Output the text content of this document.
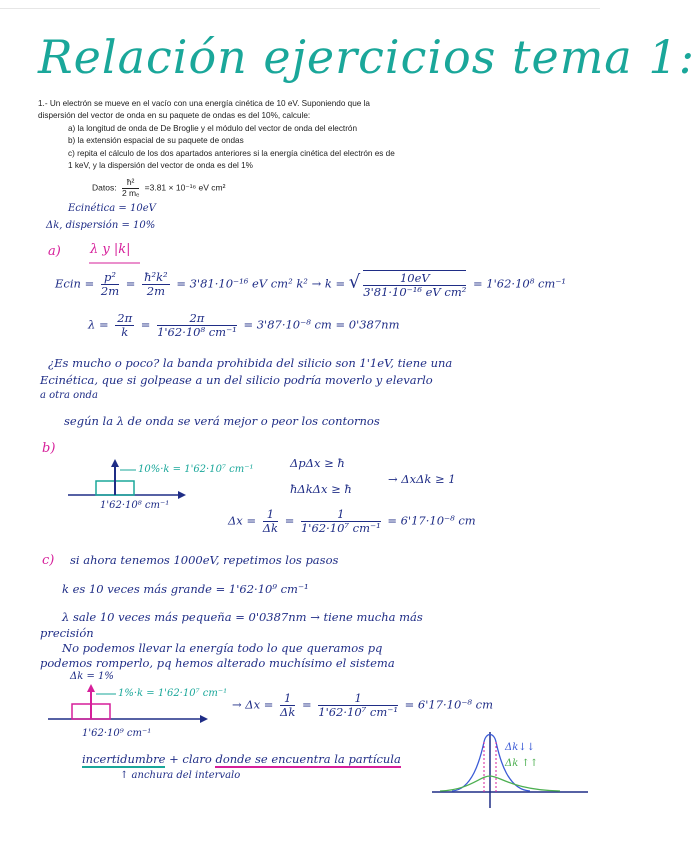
Relación ejercicios tema 1:
1.- Un electrón se mueve en el vacío con una energía cinética de 10 eV. Suponiendo que la dispersión del vector de onda en su paquete de ondas es del 10%, calcule:
a) la longitud de onda de De Broglie y el módulo del vector de onda del electrón
b) la extensión espacial de su paquete de ondas
c) repita el cálculo de los dos apartados anteriores si la energía cinética del electrón es de 1 keV, y la dispersión del vector de onda es del 1%
Datos: $\frac{\text{ħ²}}{\text{2 mₑ}} =3.81 \times 10^{-16}$ eV cm²
Ecinética = 10eV
Δk, dispersión = 10%
a) λ y |k|
Ecin = $\frac{\text{p²}}{2m} = \frac{\text{ħ²k²}}{2m} = 3'81\cdot 10^{-16}$ eV cm² k² → k = √ $\frac{10eV}{\text{3'81·10⁻¹⁶ eV cm²}} = 1'62\cdot 10^8$ cm⁻¹
$\lambda = \frac{2\pi}{k} = \frac{2\pi}{\text{1'62·10⁸ cm⁻¹}} = 3'87\cdot 10^{-8}$ cm = 0'387nm
¿Es mucho o poco? la banda prohibida del silicio son 1'1eV, tiene una
Ecinética, que si golpease a un del silicio podría moverlo y elevarlo
a otra onda
según la λ de onda se verá mejor o peor los contornos
b)
10%·k = 1'62·10⁷ cm⁻¹
1'62·10⁸ cm⁻¹
ΔpΔx ≥ ħ
ħΔkΔx ≥ ħ
→ ΔxΔk ≥ 1
$\Delta x = \frac{1}{\Delta k} = \frac{1}{\text{1'62·10⁷ cm⁻¹}} = 6'17\cdot 10^{-8}$ cm
c) si ahora tenemos 1000eV, repetimos los pasos
k es 10 veces más grande = 1'62·10⁹ cm⁻¹
λ sale 10 veces más pequeña = 0'0387nm → tiene mucha más
precisión
No podemos llevar la energía todo lo que queramos pq
podemos romperlo, pq hemos alterado muchísimo el sistema
Δk = 1%
1%·k = 1'62·10⁷ cm⁻¹
1'62·10⁹ cm⁻¹
→ $\Delta x = \frac{1}{\Delta k} = \frac{1}{\text{1'62·10⁷ cm⁻¹}} = 6'17\cdot 10^{-8}$ cm
incertidumbre + claro donde se encuentra la partícula
↑ anchura del intervalo
Δk↓↓
Δk ↑↑
